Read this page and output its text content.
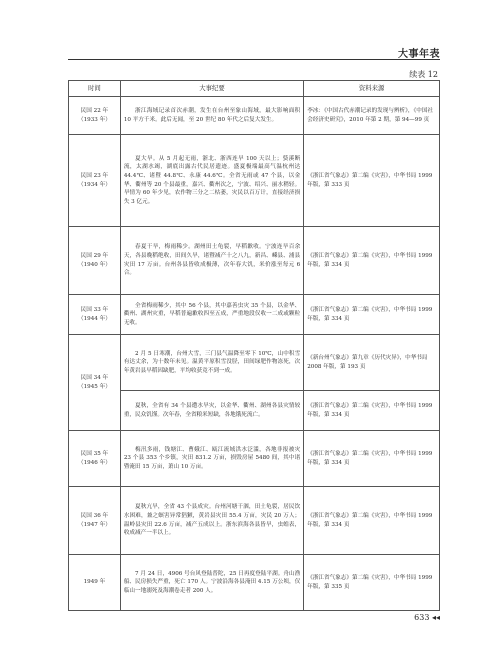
大事年表
续表 12
时间	大事纪要	资料来源
民国 22 年（1933 年）	浙江海域记录首次赤潮，发生在台州至象山海域，最大影响面积 10 平方千米。此后无闻，至 20 世纪 80 年代之后复大发生。	李冰：《中国古代赤潮记录的发现与辨析》，《中国社会经济史研究》，2010 年第 2 期，第 94—99 页
民国 23 年（1934 年）	夏大旱。从 5 月起无雨，浙北、浙西连旱 100 天以上；赀溪断流，太湖水竭，湖底出露古代民居遗迹。盛夏极端最高气温杭州达 44.4℃、诸暨 44.8℃、永康 44.6℃。全省无雨或 47 个县，以金华、衢州等 20 个县最重，嘉兴、衢州次之，宁波、绍兴、丽水稍轻。旱情为 60 年少见，农作物三分之二枯萎，灾民以百万计，直接经济损失 3 亿元。	《浙江省气象志》第二编《灾害》，中华书局 1999 年版，第 333 页
民国 29 年（1940 年）	春夏干旱，梅雨稀少。湖州田土龟裂，早稻歉收。宁波连旱百余天，各县晚稻绝收，田间久旱，诸暨减产十之八九，新昌、嵊县、浦县灾田 17 万亩。台州各县皆收成极薄，次年春大饥，米价涨至每元 6 合。	《浙江省气象志》第二编《灾害》，中华书局 1999 年版，第 334 页
民国 33 年（1944 年）	全省梅雨稀少，其中 56 个县，其中嘉善虫灾 35 个县，以金华、衢州、湖州灾重，早稻普遍歉收四至五成，严重地段仅收一二成或颗粒无收。	《浙江省气象志》第二编《灾害》，中华书局 1999 年版，第 334 页
民国 34 年（1945 年）	2 月 5 日寒潮，台州大雪，三门县气温降至零下 10℃，山中积雪有达丈余，为十数年未见。温黄平原积雪没胫，田间绿肥作物冻死，次年黄岩县早稻因缺肥，平均收获竟不到一成。	《新台州气象志》第九章《历代灾异》，中华书局 2008 年版，第 193 页
	夏秋，全省有 34 个县遭水旱灾，以金华、衢州、湖州各县灾情较重，民众饥馑。次年春，全省粮米短缺，各地饿死流亡。	《浙江省气象志》第二编《灾害》，中华书局 1999 年版，第 334 页
民国 35 年（1946 年）	梅汛多雨，钱塘江、曹娥江、瓯江流域洪水泛滥，各地非报被灾 23 个县 353 个乡镇，灾田 831.2 万亩，损毁房屋 5480 间，其中诸暨淹田 15 万亩，萧山 10 万亩。	《浙江省气象志》第二编《灾害》，中华书局 1999 年版，第 334 页
民国 36 年（1947 年）	夏秋亢旱，全省 43 个县成灾。台州河塘干涸，田土龟裂，居民饮水困难，兼之螟害异常猖獗，黄岩县灾田 55.4 万亩，灾民 20 万人；温岭县灾田 22.6 万亩，减产五成以上。浙东滨海各县皆旱，虫蝗表，收成减产一半以上。	《浙江省气象志》第二编《灾害》，中华书局 1999 年版，第 334 页
1949 年	7 月 24 日，4906 号台风登陆普陀，25 日再度登陆平湖。舟山渔船、民房损失严重，死亡 170 人。宁波沿海各县淹田 4.15 万公顷，仅临山一地溺死及海潮卷走者 200 人。	《浙江省气象志》第二编《灾害》，中华书局 1999 年版，第 335 页
633 ◂◂
